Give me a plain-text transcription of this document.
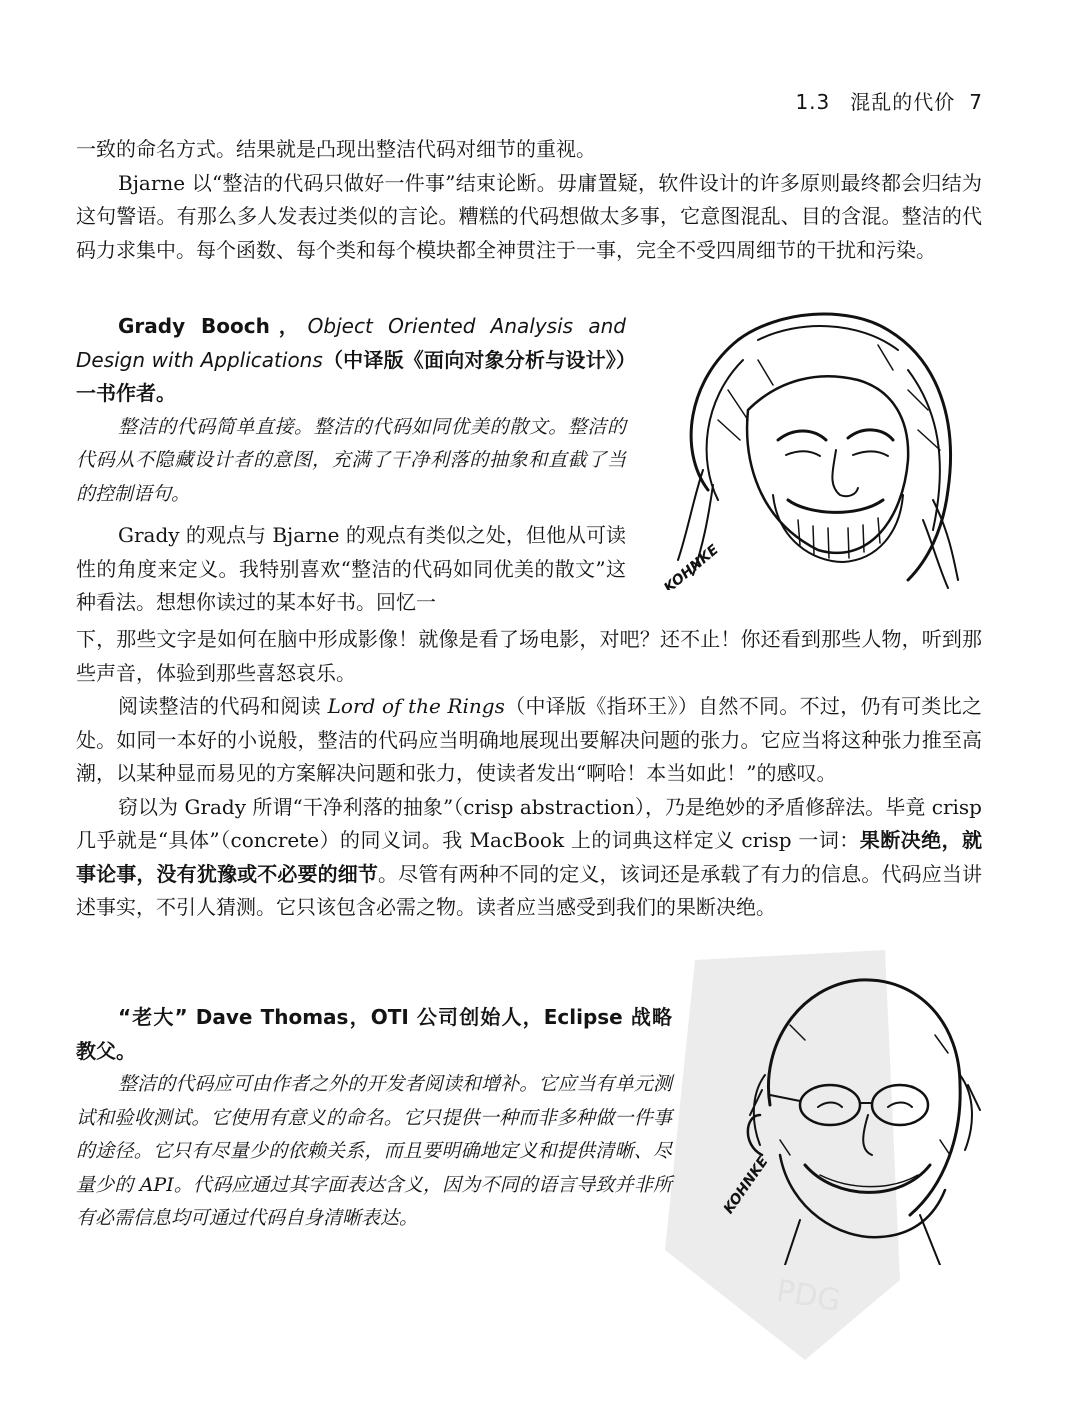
1.3 混乱的代价 7

一致的命名方式。结果就是凸现出整洁代码对细节的重视。

Bjarne 以“整洁的代码只做好一件事”结束论断。毋庸置疑，软件设计的许多原则最终都会归结为这句警语。有那么多人发表过类似的言论。糟糕的代码想做太多事，它意图混乱、目的含混。整洁的代码力求集中。每个函数、每个类和每个模块都全神贯注于一事，完全不受四周细节的干扰和污染。

Grady Booch，Object Oriented Analysis and Design with Applications（中译版《面向对象分析与设计》）一书作者。

整洁的代码简单直接。整洁的代码如同优美的散文。整洁的代码从不隐藏设计者的意图，充满了干净利落的抽象和直截了当的控制语句。

Grady 的观点与 Bjarne 的观点有类似之处，但他从可读性的角度来定义。我特别喜欢“整洁的代码如同优美的散文”这种看法。想想你读过的某本好书。回忆一

KOHNKE

下，那些文字是如何在脑中形成影像！就像是看了场电影，对吧？还不止！你还看到那些人物，听到那些声音，体验到那些喜怒哀乐。

阅读整洁的代码和阅读 Lord of the Rings（中译版《指环王》）自然不同。不过，仍有可类比之处。如同一本好的小说般，整洁的代码应当明确地展现出要解决问题的张力。它应当将这种张力推至高潮，以某种显而易见的方案解决问题和张力，使读者发出“啊哈！本当如此！”的感叹。

窃以为 Grady 所谓“干净利落的抽象”（crisp abstraction），乃是绝妙的矛盾修辞法。毕竟 crisp 几乎就是“具体”（concrete）的同义词。我 MacBook 上的词典这样定义 crisp 一词：果断决绝，就事论事，没有犹豫或不必要的细节。尽管有两种不同的定义，该词还是承载了有力的信息。代码应当讲述事实，不引人猜测。它只该包含必需之物。读者应当感受到我们的果断决绝。

PDG

“老大” Dave Thomas，OTI 公司创始人，Eclipse 战略教父。

整洁的代码应可由作者之外的开发者阅读和增补。它应当有单元测试和验收测试。它使用有意义的命名。它只提供一种而非多种做一件事的途径。它只有尽量少的依赖关系，而且要明确地定义和提供清晰、尽量少的 API。代码应通过其字面表达含义，因为不同的语言导致并非所有必需信息均可通过代码自身清晰表达。

KOHNKE
